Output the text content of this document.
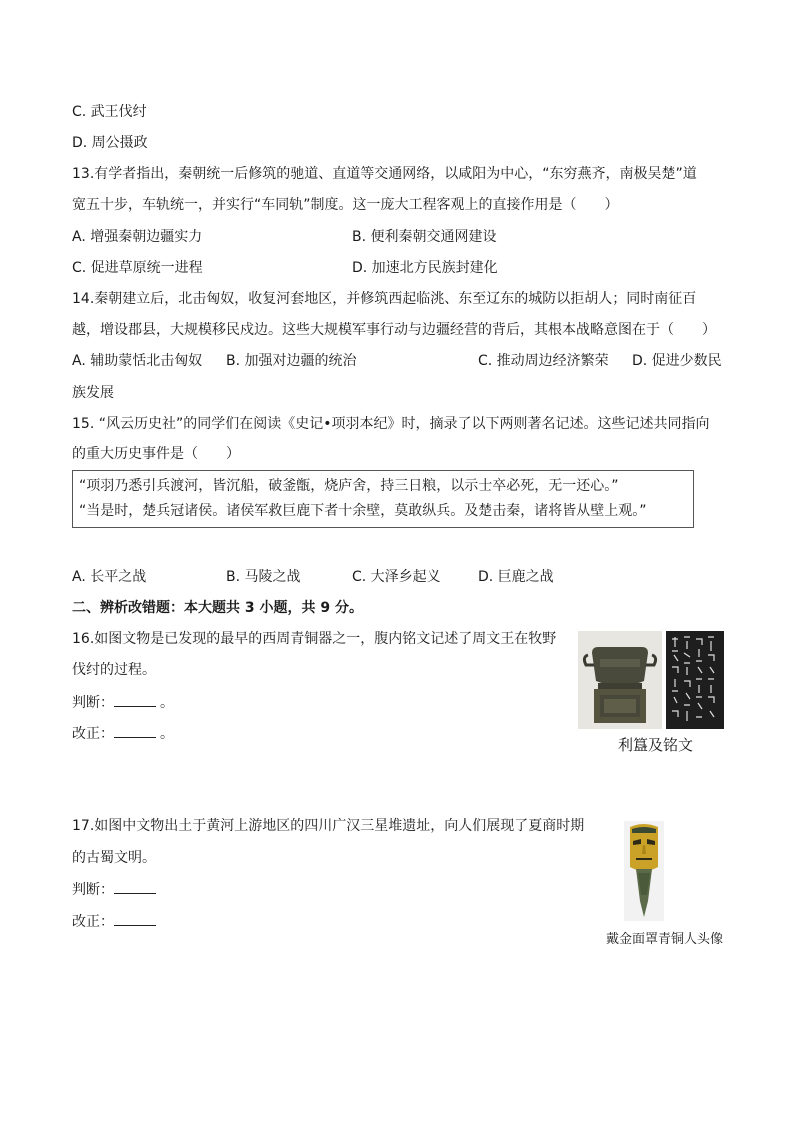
C. 武王伐纣
D. 周公摄政
13.有学者指出，秦朝统一后修筑的驰道、直道等交通网络，以咸阳为中心，“东穷燕齐，南极吴楚”道
宽五十步，车轨统一，并实行“车同轨”制度。这一庞大工程客观上的直接作用是（　　）
A. 增强秦朝边疆实力	B. 便利秦朝交通网建设
C. 促进草原统一进程	D. 加速北方民族封建化
14.秦朝建立后，北击匈奴，收复河套地区，并修筑西起临洮、东至辽东的城防以拒胡人；同时南征百
越，增设郡县，大规模移民戍边。这些大规模军事行动与边疆经营的背后，其根本战略意图在于（　　）
A. 辅助蒙恬北击匈奴 B. 加强对边疆的统治	C. 推动周边经济繁荣 D. 促进少数民
族发展
15. “风云历史社”的同学们在阅读《史记•项羽本纪》时，摘录了以下两则著名记述。这些记述共同指向
的重大历史事件是（　　）
“项羽乃悉引兵渡河，皆沉船，破釜甑，烧庐舍，持三日粮，以示士卒必死，无一还心。”
“当是时，楚兵冠诸侯。诸侯军救巨鹿下者十余壁，莫敢纵兵。及楚击秦，诸将皆从壁上观。”
A. 长平之战	B. 马陵之战	C. 大泽乡起义	D. 巨鹿之战
二、辨析改错题：本大题共 3 小题，共 9 分。
16.如图文物是已发现的最早的西周青铜器之一，腹内铭文记述了周文王在牧野
伐纣的过程。
判断：	。
改正：	。
利簋及铭文
17.如图中文物出土于黄河上游地区的四川广汉三星堆遗址，向人们展现了夏商时期
的古蜀文明。
判断：
改正：
戴金面罩青铜人头像
